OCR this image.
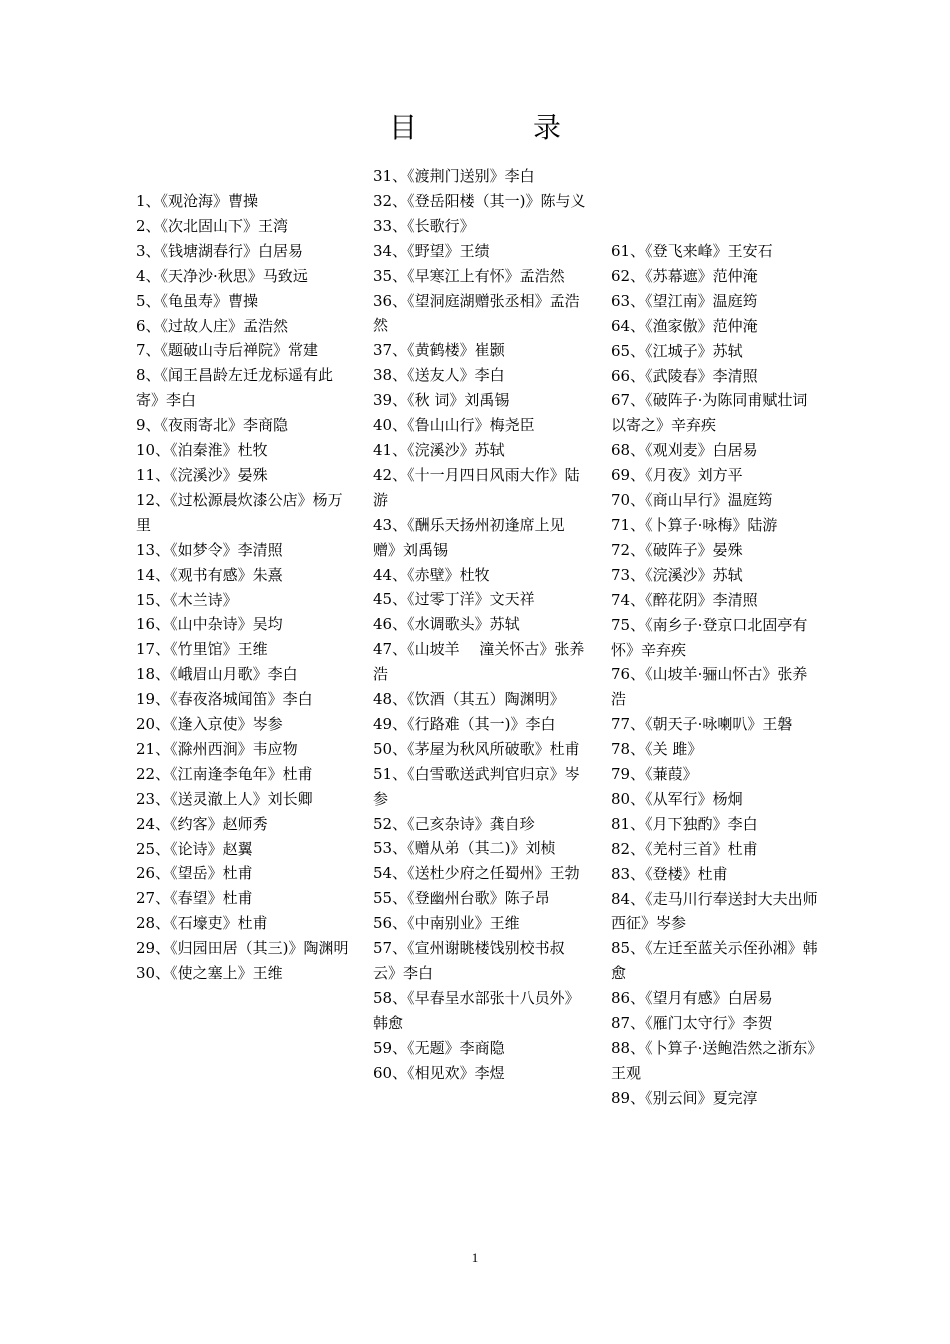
目　录

1、《观沧海》曹操

2、《次北固山下》王湾

3、《钱塘湖春行》白居易

4、《天净沙·秋思》马致远

5、《龟虽寿》曹操

6、《过故人庄》孟浩然

7、《题破山寺后禅院》常建

8、《闻王昌龄左迁龙标遥有此寄》李白

9、《夜雨寄北》李商隐

10、《泊秦淮》杜牧

11、《浣溪沙》晏殊

12、《过松源晨炊漆公店》杨万里

13、《如梦令》李清照

14、《观书有感》朱熹

15、《木兰诗》

16、《山中杂诗》吴均

17、《竹里馆》王维

18、《峨眉山月歌》李白

19、《春夜洛城闻笛》李白

20、《逢入京使》岑参

21、《滁州西涧》韦应物

22、《江南逢李龟年》杜甫

23、《送灵澈上人》刘长卿

24、《约客》赵师秀

25、《论诗》赵翼

26、《望岳》杜甫

27、《春望》杜甫

28、《石壕吏》杜甫

29、《归园田居（其三)》陶渊明

30、《使之塞上》王维

31、《渡荆门送别》李白

32、《登岳阳楼（其一)》陈与义

33、《长歌行》

34、《野望》王绩

35、《早寒江上有怀》孟浩然

36、《望洞庭湖赠张丞相》孟浩然

37、《黄鹤楼》崔颢

38、《送友人》李白

39、《秋 词》刘禹锡

40、《鲁山山行》梅尧臣

41、《浣溪沙》苏轼

42、《十一月四日风雨大作》陆游

43、《酬乐天扬州初逢席上见赠》刘禹锡

44、《赤壁》杜牧

45、《过零丁洋》文天祥

46、《水调歌头》苏轼

47、《山坡羊　 潼关怀古》张养浩

48、《饮酒（其五）陶渊明》

49、《行路难（其一)》李白

50、《茅屋为秋风所破歌》杜甫

51、《白雪歌送武判官归京》岑参

52、《己亥杂诗》龚自珍

53、《赠从弟（其二)》刘桢

54、《送杜少府之任蜀州》王勃

55、《登幽州台歌》陈子昂

56、《中南别业》王维

57、《宣州谢眺楼饯别校书叔云》李白

58、《早春呈水部张十八员外》韩愈

59、《无题》李商隐

60、《相见欢》李煜

61、《登飞来峰》王安石

62、《苏幕遮》范仲淹

63、《望江南》温庭筠

64、《渔家傲》范仲淹

65、《江城子》苏轼

66、《武陵春》李清照

67、《破阵子·为陈同甫赋壮词以寄之》辛弃疾

68、《观刈麦》白居易

69、《月夜》刘方平

70、《商山早行》温庭筠

71、《卜算子·咏梅》陆游

72、《破阵子》晏殊

73、《浣溪沙》苏轼

74、《醉花阴》李清照

75、《南乡子·登京口北固亭有怀》辛弃疾

76、《山坡羊·骊山怀古》张养浩

77、《朝天子·咏喇叭》王磐

78、《关 雎》

79、《蒹葭》

80、《从军行》杨炯

81、《月下独酌》李白

82、《羌村三首》杜甫

83、《登楼》杜甫

84、《走马川行奉送封大夫出师西征》岑参

85、《左迁至蓝关示侄孙湘》韩愈

86、《望月有感》白居易

87、《雁门太守行》李贺

88、《卜算子·送鲍浩然之浙东》王观

89、《别云间》夏完淳

1
